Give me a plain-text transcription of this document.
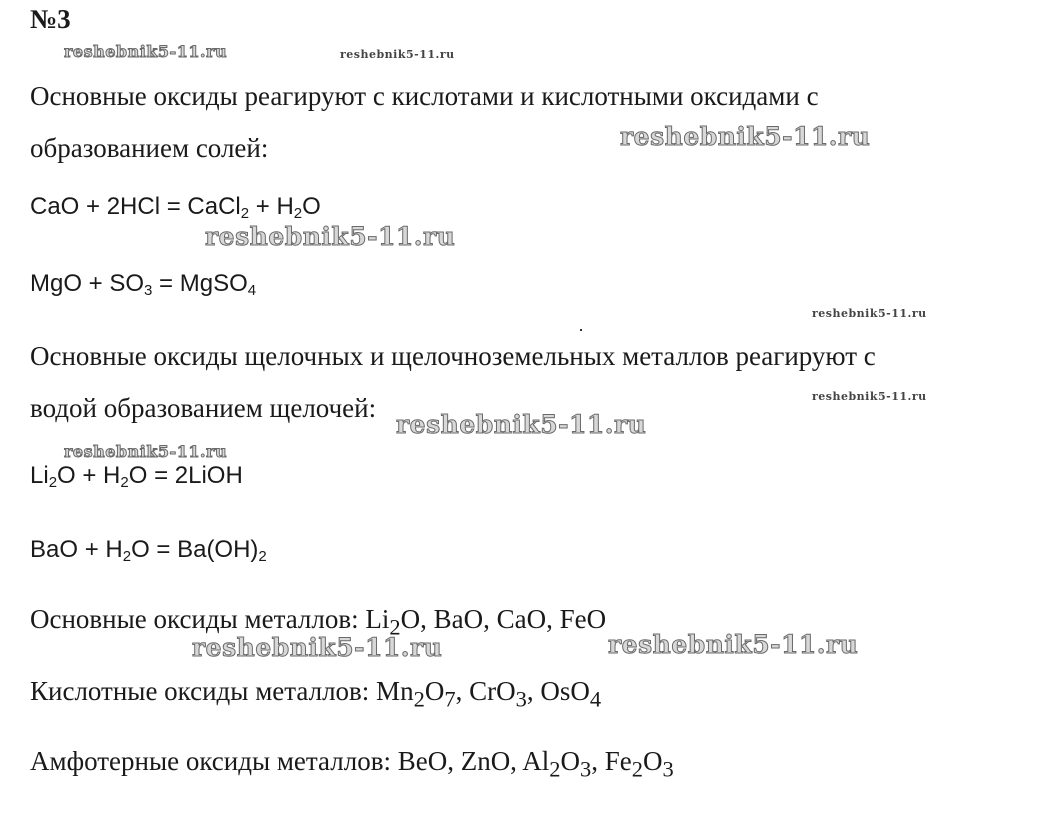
№3
reshebnik5-11.ru	reshebnik5-11.ru
reshebnik5-11.ru
reshebnik5-11.ru
reshebnik5-11.ru
reshebnik5-11.ru
reshebnik5-11.ru
reshebnik5-11.ru
reshebnik5-11.ru	reshebnik5-11.ru
Основные оксиды реагируют с кислотами и кислотными оксидами с
образованием солей:
CaO + 2HCl = CaCl$_2$ + $H_2O$
MgO + $SO_3$ = MgSO$_4$
Основные оксиды щелочных и щелочноземельных металлов реагируют с
водой образованием щелочей:
$Li_2O + H_2O$ = 2LiOH
BaO + $H_2O = Ba(OH)_2$
Основные оксиды металлов: $Li_2O$, BaO, CaO, FeO
Кислотные оксиды металлов: $Mn_2O_7$, CrO$_3$, OsO$_4$
Амфотерные оксиды металлов: BeO, ZnO, $Al_2O_3$, $Fe_2O_3$
